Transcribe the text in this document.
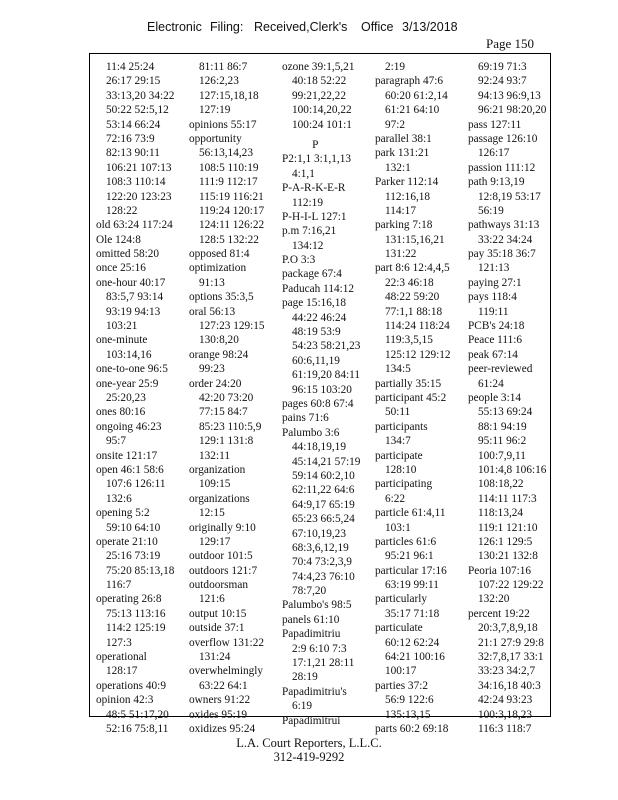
Electronic Filing: Received,Clerk's Office 3/13/2018
Page 150
11:4 25:24
26:17 29:15
33:13,20 34:22
50:22 52:5,12
53:14 66:24
72:16 73:9
82:13 90:11
106:21 107:13
108:3 110:14
122:20 123:23
128:22
old 63:24 117:24
Ole 124:8
omitted 58:20
once 25:16
one-hour 40:17
83:5,7 93:14
93:19 94:13
103:21
one-minute
103:14,16
one-to-one 96:5
one-year 25:9
25:20,23
ones 80:16
ongoing 46:23
95:7
onsite 121:17
open 46:1 58:6
107:6 126:11
132:6
opening 5:2
59:10 64:10
operate 21:10
25:16 73:19
75:20 85:13,18
116:7
operating 26:8
75:13 113:16
114:2 125:19
127:3
operational
128:17
operations 40:9
opinion 42:3
48:5 51:17,20
52:16 75:8,11
81:11 86:7
126:2,23
127:15,18,18
127:19
opinions 55:17
opportunity
56:13,14,23
108:5 110:19
111:9 112:17
115:19 116:21
119:24 120:17
124:11 126:22
128:5 132:22
opposed 81:4
optimization
91:13
options 35:3,5
oral 56:13
127:23 129:15
130:8,20
orange 98:24
99:23
order 24:20
42:20 73:20
77:15 84:7
85:23 110:5,9
129:1 131:8
132:11
organization
109:15
organizations
12:15
originally 9:10
129:17
outdoor 101:5
outdoors 121:7
outdoorsman
121:6
output 10:15
outside 37:1
overflow 131:22
131:24
overwhelmingly
63:22 64:1
owners 91:22
oxides 95:19
oxidizes 95:24
ozone 39:1,5,21
40:18 52:22
99:21,22,22
100:14,20,22
100:24 101:1
P
P2:1,1 3:1,1,13
4:1,1
P-A-R-K-E-R
112:19
P-H-I-L 127:1
p.m 7:16,21
134:12
P.O 3:3
package 67:4
Paducah 114:12
page 15:16,18
44:22 46:24
48:19 53:9
54:23 58:21,23
60:6,11,19
61:19,20 84:11
96:15 103:20
pages 60:8 67:4
pains 71:6
Palumbo 3:6
44:18,19,19
45:14,21 57:19
59:14 60:2,10
62:11,22 64:6
64:9,17 65:19
65:23 66:5,24
67:10,19,23
68:3,6,12,19
70:4 73:2,3,9
74:4,23 76:10
78:7,20
Palumbo's 98:5
panels 61:10
Papadimitriu
2:9 6:10 7:3
17:1,21 28:11
28:19
Papadimitriu's
6:19
Papadimitrui
2:19
paragraph 47:6
60:20 61:2,14
61:21 64:10
97:2
parallel 38:1
park 131:21
132:1
Parker 112:14
112:16,18
114:17
parking 7:18
131:15,16,21
131:22
part 8:6 12:4,4,5
22:3 46:18
48:22 59:20
77:1,1 88:18
114:24 118:24
119:3,5,15
125:12 129:12
134:5
partially 35:15
participant 45:2
50:11
participants
134:7
participate
128:10
participating
6:22
particle 61:4,11
103:1
particles 61:6
95:21 96:1
particular 17:16
63:19 99:11
particularly
35:17 71:18
particulate
60:12 62:24
64:21 100:16
100:17
parties 37:2
56:9 122:6
135:13,15
parts 60:2 69:18
69:19 71:3
92:24 93:7
94:13 96:9,13
96:21 98:20,20
pass 127:11
passage 126:10
126:17
passion 111:12
path 9:13,19
12:8,19 53:17
56:19
pathways 31:13
33:22 34:24
pay 35:18 36:7
121:13
paying 27:1
pays 118:4
119:11
PCB's 24:18
Peace 111:6
peak 67:14
peer-reviewed
61:24
people 3:14
55:13 69:24
88:1 94:19
95:11 96:2
100:7,9,11
101:4,8 106:16
108:18,22
114:11 117:3
118:13,24
119:1 121:10
126:1 129:5
130:21 132:8
Peoria 107:16
107:22 129:22
132:20
percent 19:22
20:3,7,8,9,18
21:1 27:9 29:8
32:7,8,17 33:1
33:23 34:2,7
34:16,18 40:3
42:24 93:23
100:3,18,23
116:3 118:7
L.A. Court Reporters, L.L.C.
312-419-9292
